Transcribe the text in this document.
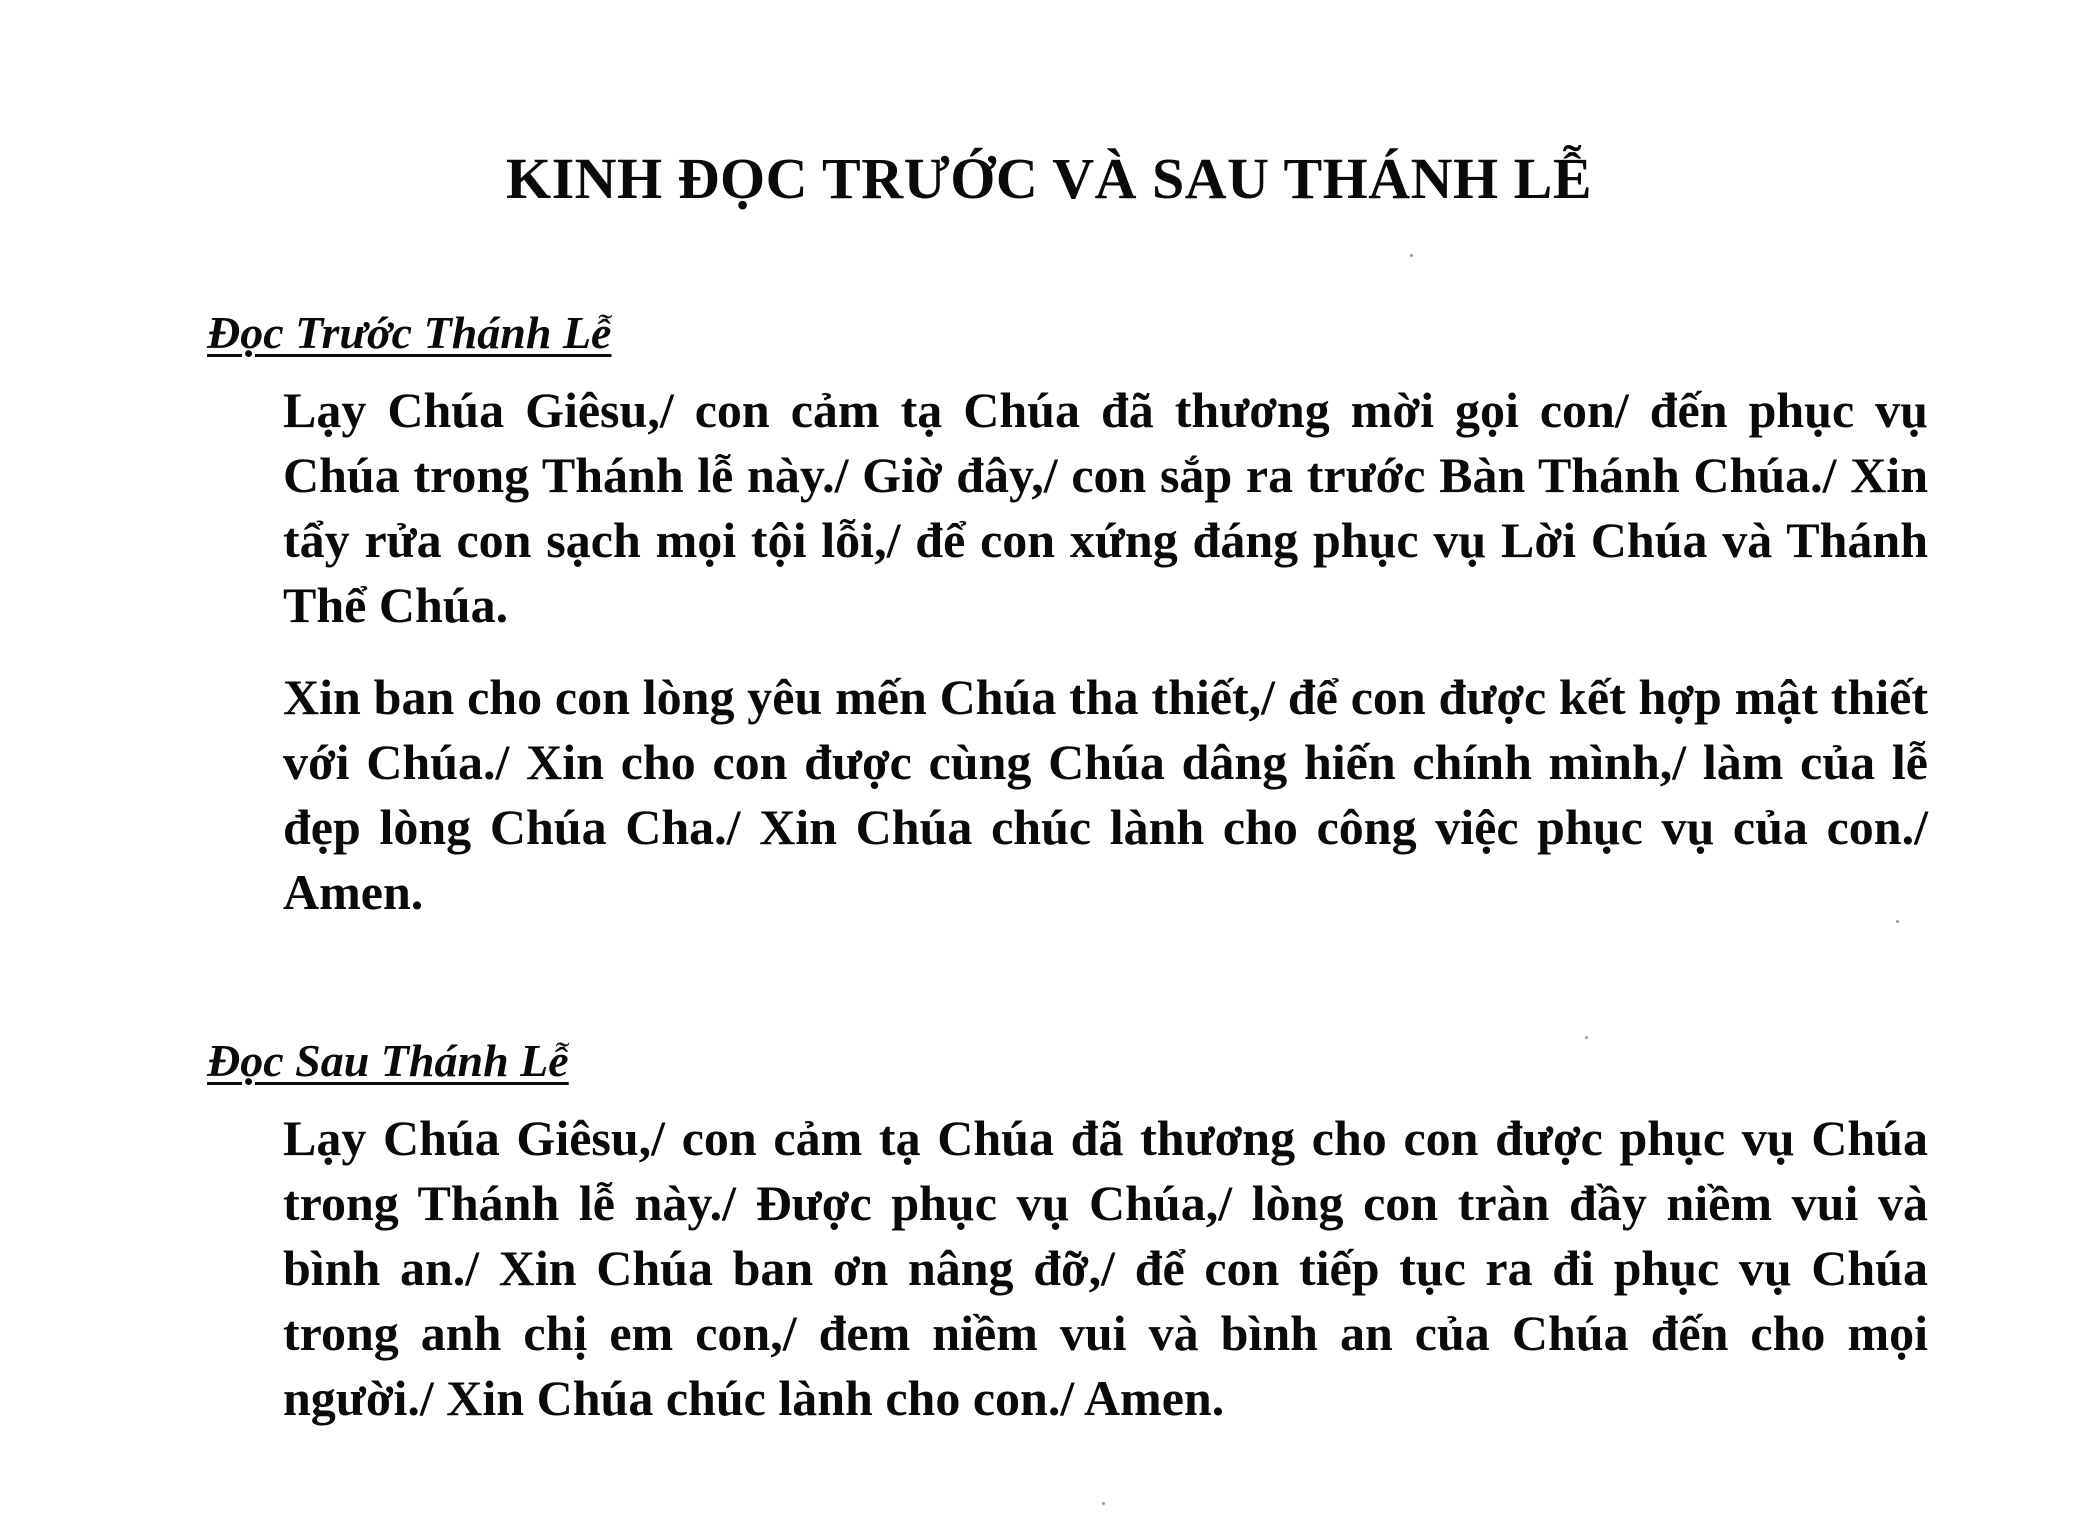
KINH ĐỌC TRƯỚC VÀ SAU THÁNH LỄ
Đọc Trước Thánh Lễ

Lạy Chúa Giêsu,/ con cảm tạ Chúa đã thương mời gọi con/ đến phục vụ Chúa trong Thánh lễ này./ Giờ đây,/ con sắp ra trước Bàn Thánh Chúa./ Xin tẩy rửa con sạch mọi tội lỗi,/ để con xứng đáng phục vụ Lời Chúa và Thánh Thể Chúa.

Xin ban cho con lòng yêu mến Chúa tha thiết,/ để con được kết hợp mật thiết với Chúa./ Xin cho con được cùng Chúa dâng hiến chính mình,/ làm của lễ đẹp lòng Chúa Cha./ Xin Chúa chúc lành cho công việc phục vụ của con./ Amen.

Đọc Sau Thánh Lễ

Lạy Chúa Giêsu,/ con cảm tạ Chúa đã thương cho con được phục vụ Chúa trong Thánh lễ này./ Được phục vụ Chúa,/ lòng con tràn đầy niềm vui và bình an./ Xin Chúa ban ơn nâng đỡ,/ để con tiếp tục ra đi phục vụ Chúa trong anh chị em con,/ đem niềm vui và bình an của Chúa đến cho mọi người./ Xin Chúa chúc lành cho con./ Amen.
